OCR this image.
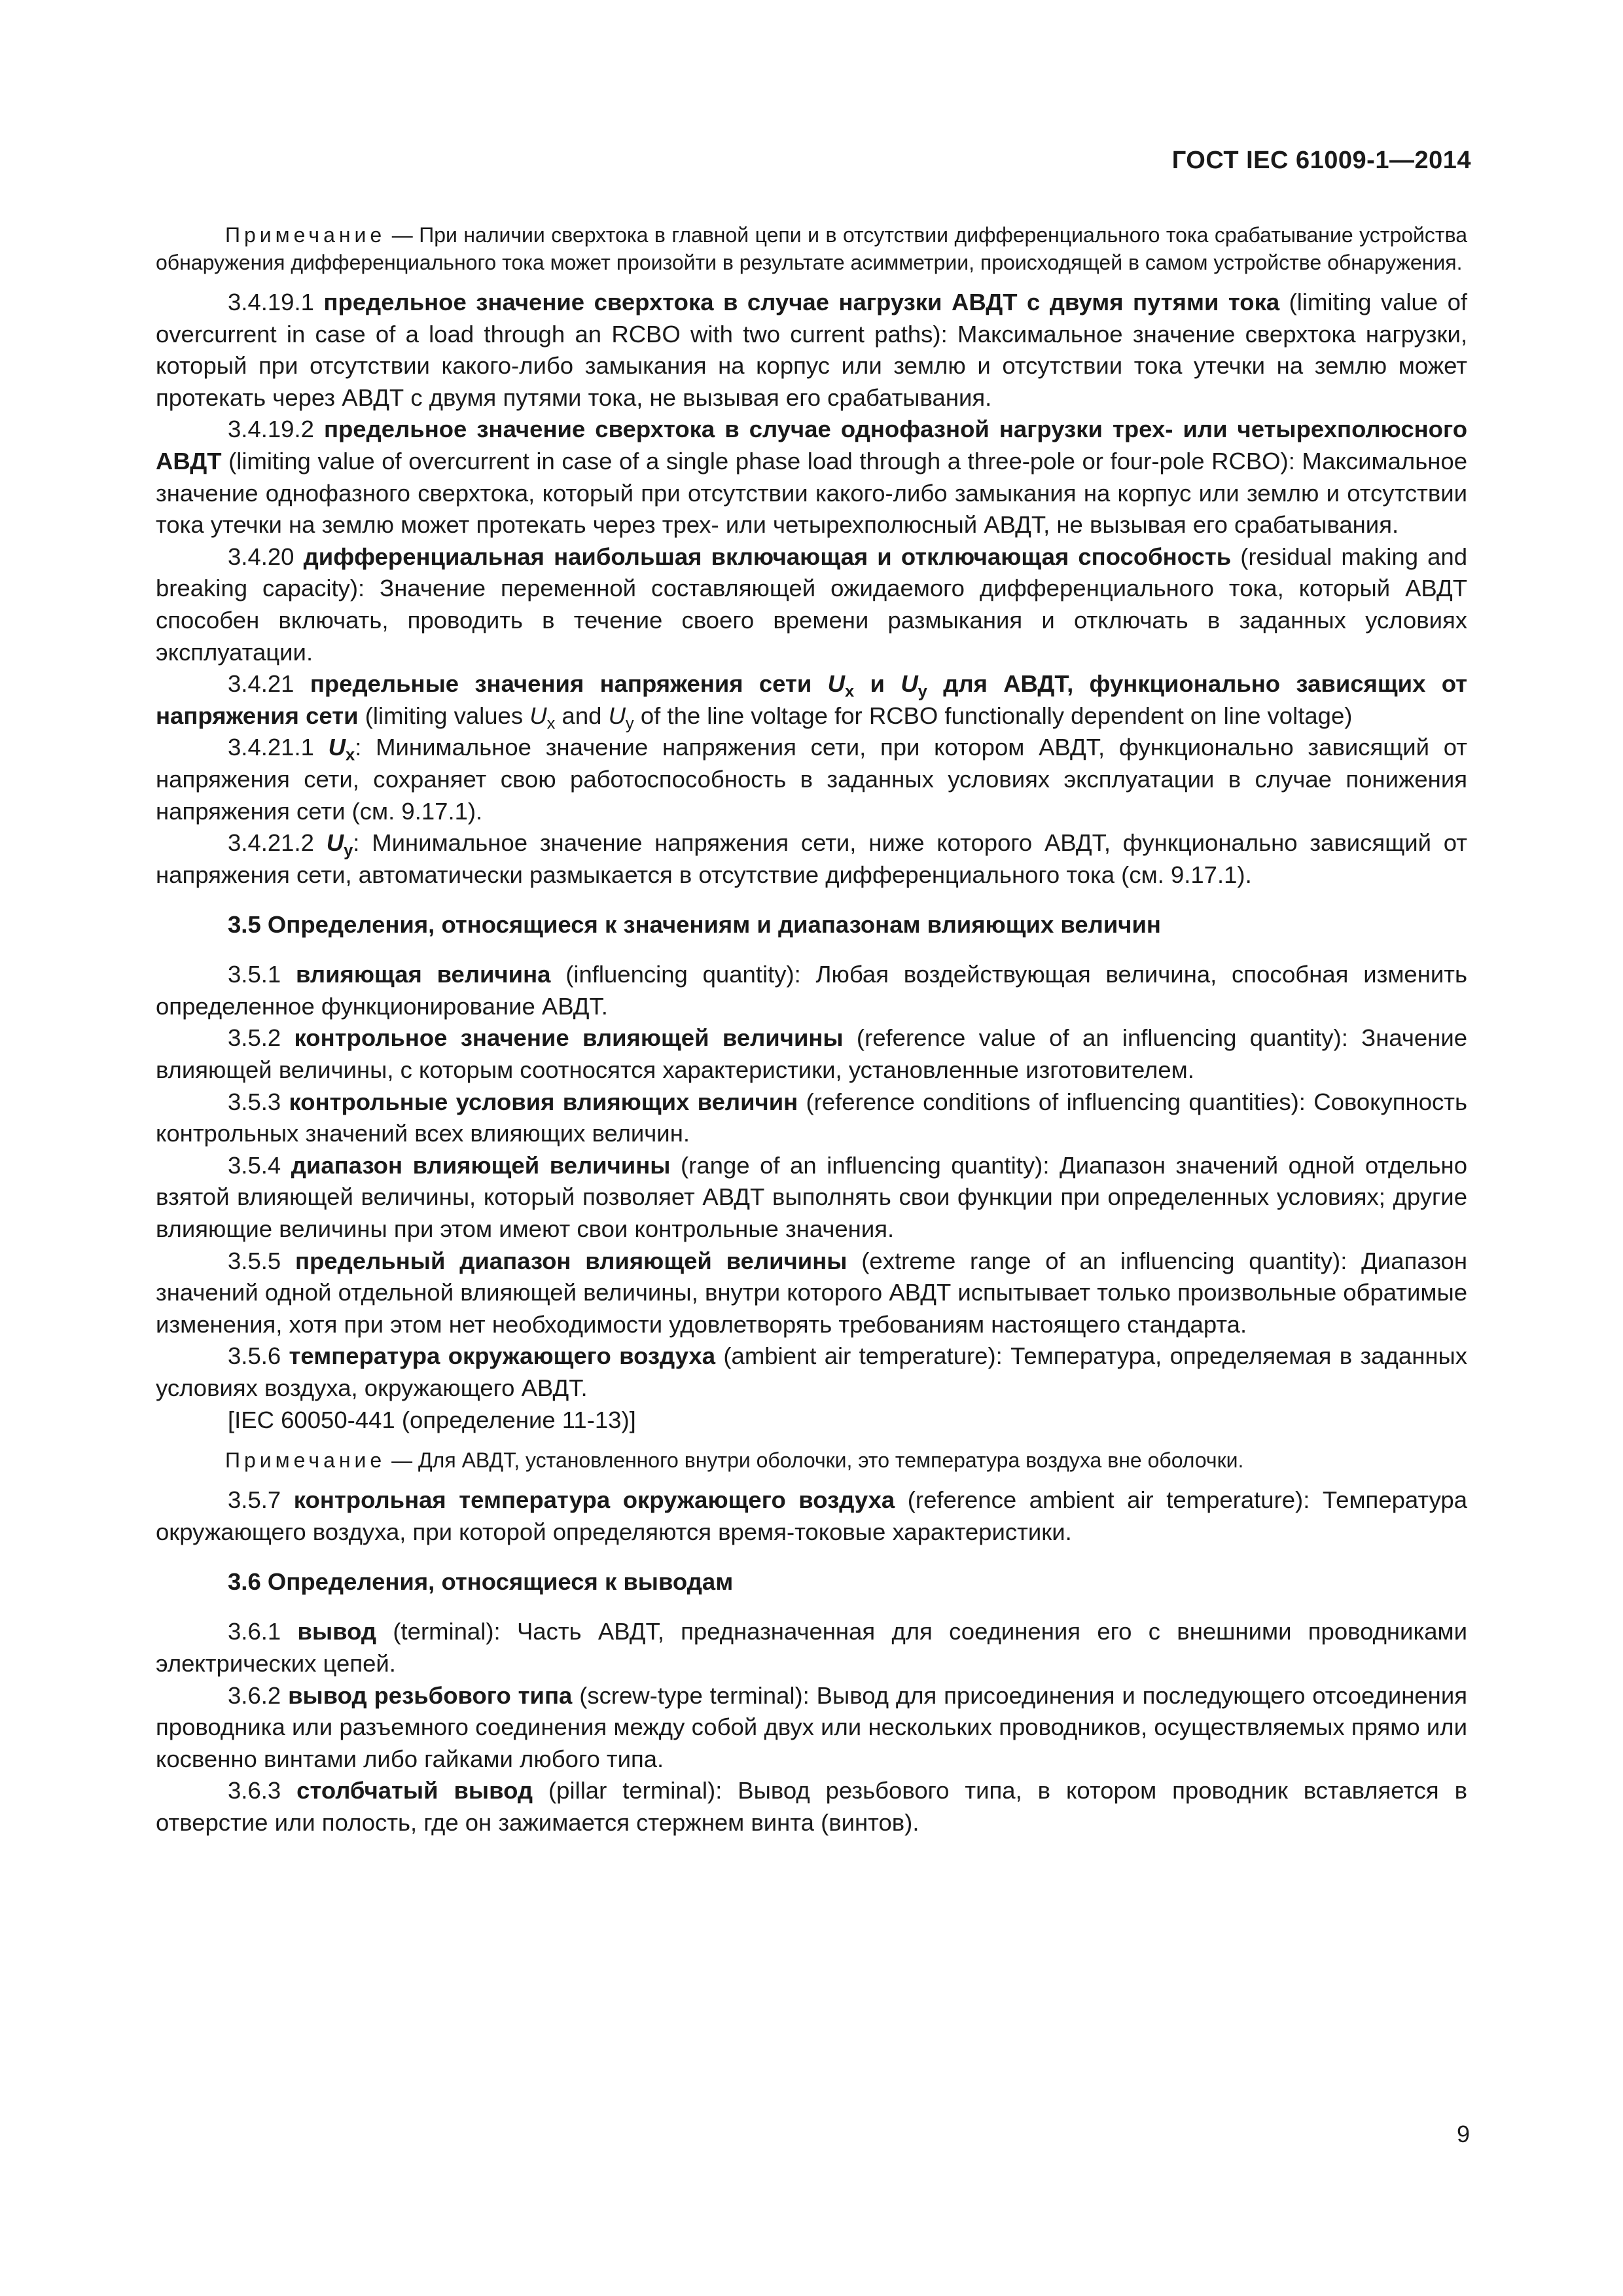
ГОСТ IEC 61009-1—2014

Примечание — При наличии сверхтока в главной цепи и в отсутствии дифференциального тока срабатывание устройства обнаружения дифференциального тока может произойти в результате асимметрии, происходящей в самом устройстве обнаружения.

3.4.19.1 предельное значение сверхтока в случае нагрузки АВДТ с двумя путями тока (limiting value of overcurrent in case of a load through an RCBO with two current paths): Максимальное значение сверхтока нагрузки, который при отсутствии какого-либо замыкания на корпус или землю и отсутствии тока утечки на землю может протекать через АВДТ с двумя путями тока, не вызывая его срабатывания.

3.4.19.2 предельное значение сверхтока в случае однофазной нагрузки трех- или четырехполюсного АВДТ (limiting value of overcurrent in case of a single phase load through a three-pole or four-pole RCBO): Максимальное значение однофазного сверхтока, который при отсутствии какого-либо замыкания на корпус или землю и отсутствии тока утечки на землю может протекать через трех- или четырехполюсный АВДТ, не вызывая его срабатывания.

3.4.20 дифференциальная наибольшая включающая и отключающая способность (residual making and breaking capacity): Значение переменной составляющей ожидаемого дифференциального тока, который АВДТ способен включать, проводить в течение своего времени размыкания и отключать в заданных условиях эксплуатации.

3.4.21 предельные значения напряжения сети $U_x$ и $U_y$ для АВДТ, функционально зависящих от напряжения сети (limiting values $U_x$ and $U_y$ of the line voltage for RCBO functionally dependent on line voltage)

3.4.21.1 $U_x$: Минимальное значение напряжения сети, при котором АВДТ, функционально зависящий от напряжения сети, сохраняет свою работоспособность в заданных условиях эксплуатации в случае понижения напряжения сети (см. 9.17.1).

3.4.21.2 $U_y$: Минимальное значение напряжения сети, ниже которого АВДТ, функционально зависящий от напряжения сети, автоматически размыкается в отсутствие дифференциального тока (см. 9.17.1).

3.5 Определения, относящиеся к значениям и диапазонам влияющих величин

3.5.1 влияющая величина (influencing quantity): Любая воздействующая величина, способная изменить определенное функционирование АВДТ.

3.5.2 контрольное значение влияющей величины (reference value of an influencing quantity): Значение влияющей величины, с которым соотносятся характеристики, установленные изготовителем.

3.5.3 контрольные условия влияющих величин (reference conditions of influencing quantities): Совокупность контрольных значений всех влияющих величин.

3.5.4 диапазон влияющей величины (range of an influencing quantity): Диапазон значений одной отдельно взятой влияющей величины, который позволяет АВДТ выполнять свои функции при определенных условиях; другие влияющие величины при этом имеют свои контрольные значения.

3.5.5 предельный диапазон влияющей величины (extreme range of an influencing quantity): Диапазон значений одной отдельной влияющей величины, внутри которого АВДТ испытывает только произвольные обратимые изменения, хотя при этом нет необходимости удовлетворять требованиям настоящего стандарта.

3.5.6 температура окружающего воздуха (ambient air temperature): Температура, определяемая в заданных условиях воздуха, окружающего АВДТ.

[IEC 60050-441 (определение 11-13)]

Примечание — Для АВДТ, установленного внутри оболочки, это температура воздуха вне оболочки.

3.5.7 контрольная температура окружающего воздуха (reference ambient air temperature): Температура окружающего воздуха, при которой определяются время-токовые характеристики.

3.6 Определения, относящиеся к выводам

3.6.1 вывод (terminal): Часть АВДТ, предназначенная для соединения его с внешними проводниками электрических цепей.

3.6.2 вывод резьбового типа (screw-type terminal): Вывод для присоединения и последующего отсоединения проводника или разъемного соединения между собой двух или нескольких проводников, осуществляемых прямо или косвенно винтами либо гайками любого типа.

3.6.3 столбчатый вывод (pillar terminal): Вывод резьбового типа, в котором проводник вставляется в отверстие или полость, где он зажимается стержнем винта (винтов).

9
